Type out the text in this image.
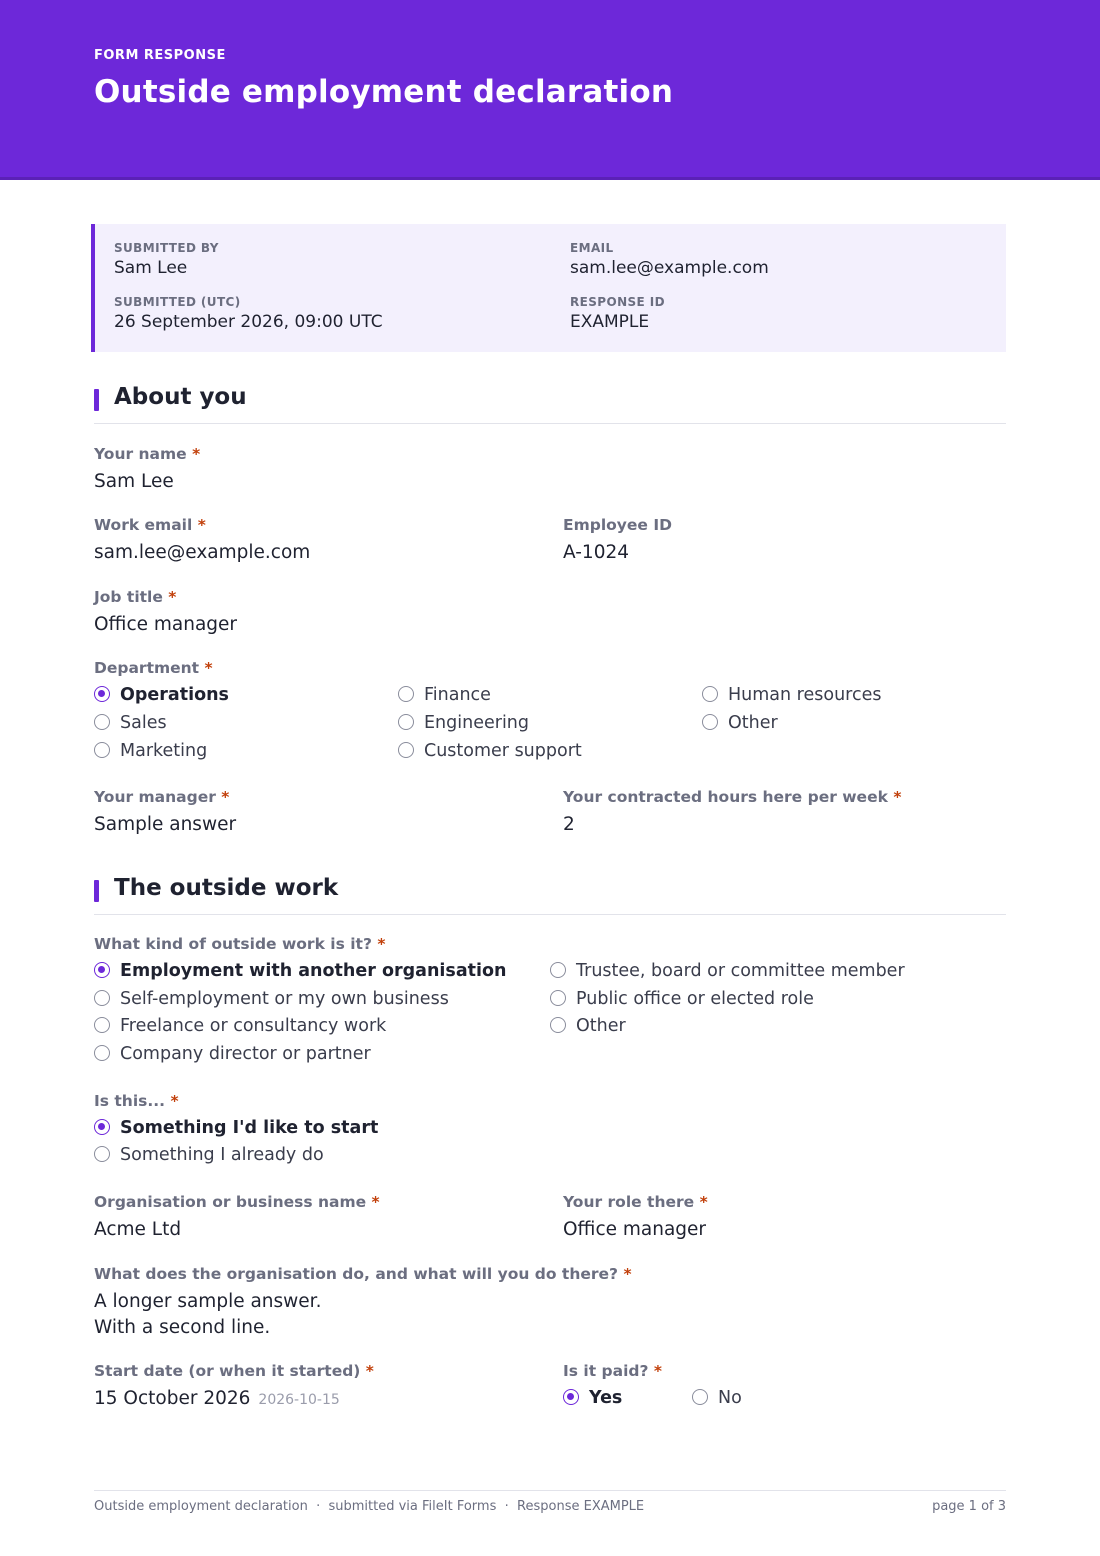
FORM RESPONSE
Outside employment declaration
SUBMITTED BY
Sam Lee
EMAIL
sam.lee@example.com
SUBMITTED (UTC)
26 September 2026, 09:00 UTC
RESPONSE ID
EXAMPLE
About you
Your name *
Sam Lee
Work email *
sam.lee@example.com
Employee ID
A-1024
Job title *
Office manager
Department *
Operations	Finance	Human resources
Sales	Engineering	Other
Marketing	Customer support
Your manager *
Sample answer
Your contracted hours here per week *
2
The outside work
What kind of outside work is it? *
Employment with another organisation
Self-employment or my own business
Freelance or consultancy work
Company director or partner
Trustee, board or committee member
Public office or elected role
Other
Is this... *
Something I'd like to start
Something I already do
Organisation or business name *
Acme Ltd
Your role there *
Office manager
What does the organisation do, and what will you do there? *
A longer sample answer.
With a second line.
Start date (or when it started) *
15 October 2026 2026-10-15
Is it paid? *
Yes	No
Outside employment declaration · submitted via FileIt Forms · Response EXAMPLE	page 1 of 3
